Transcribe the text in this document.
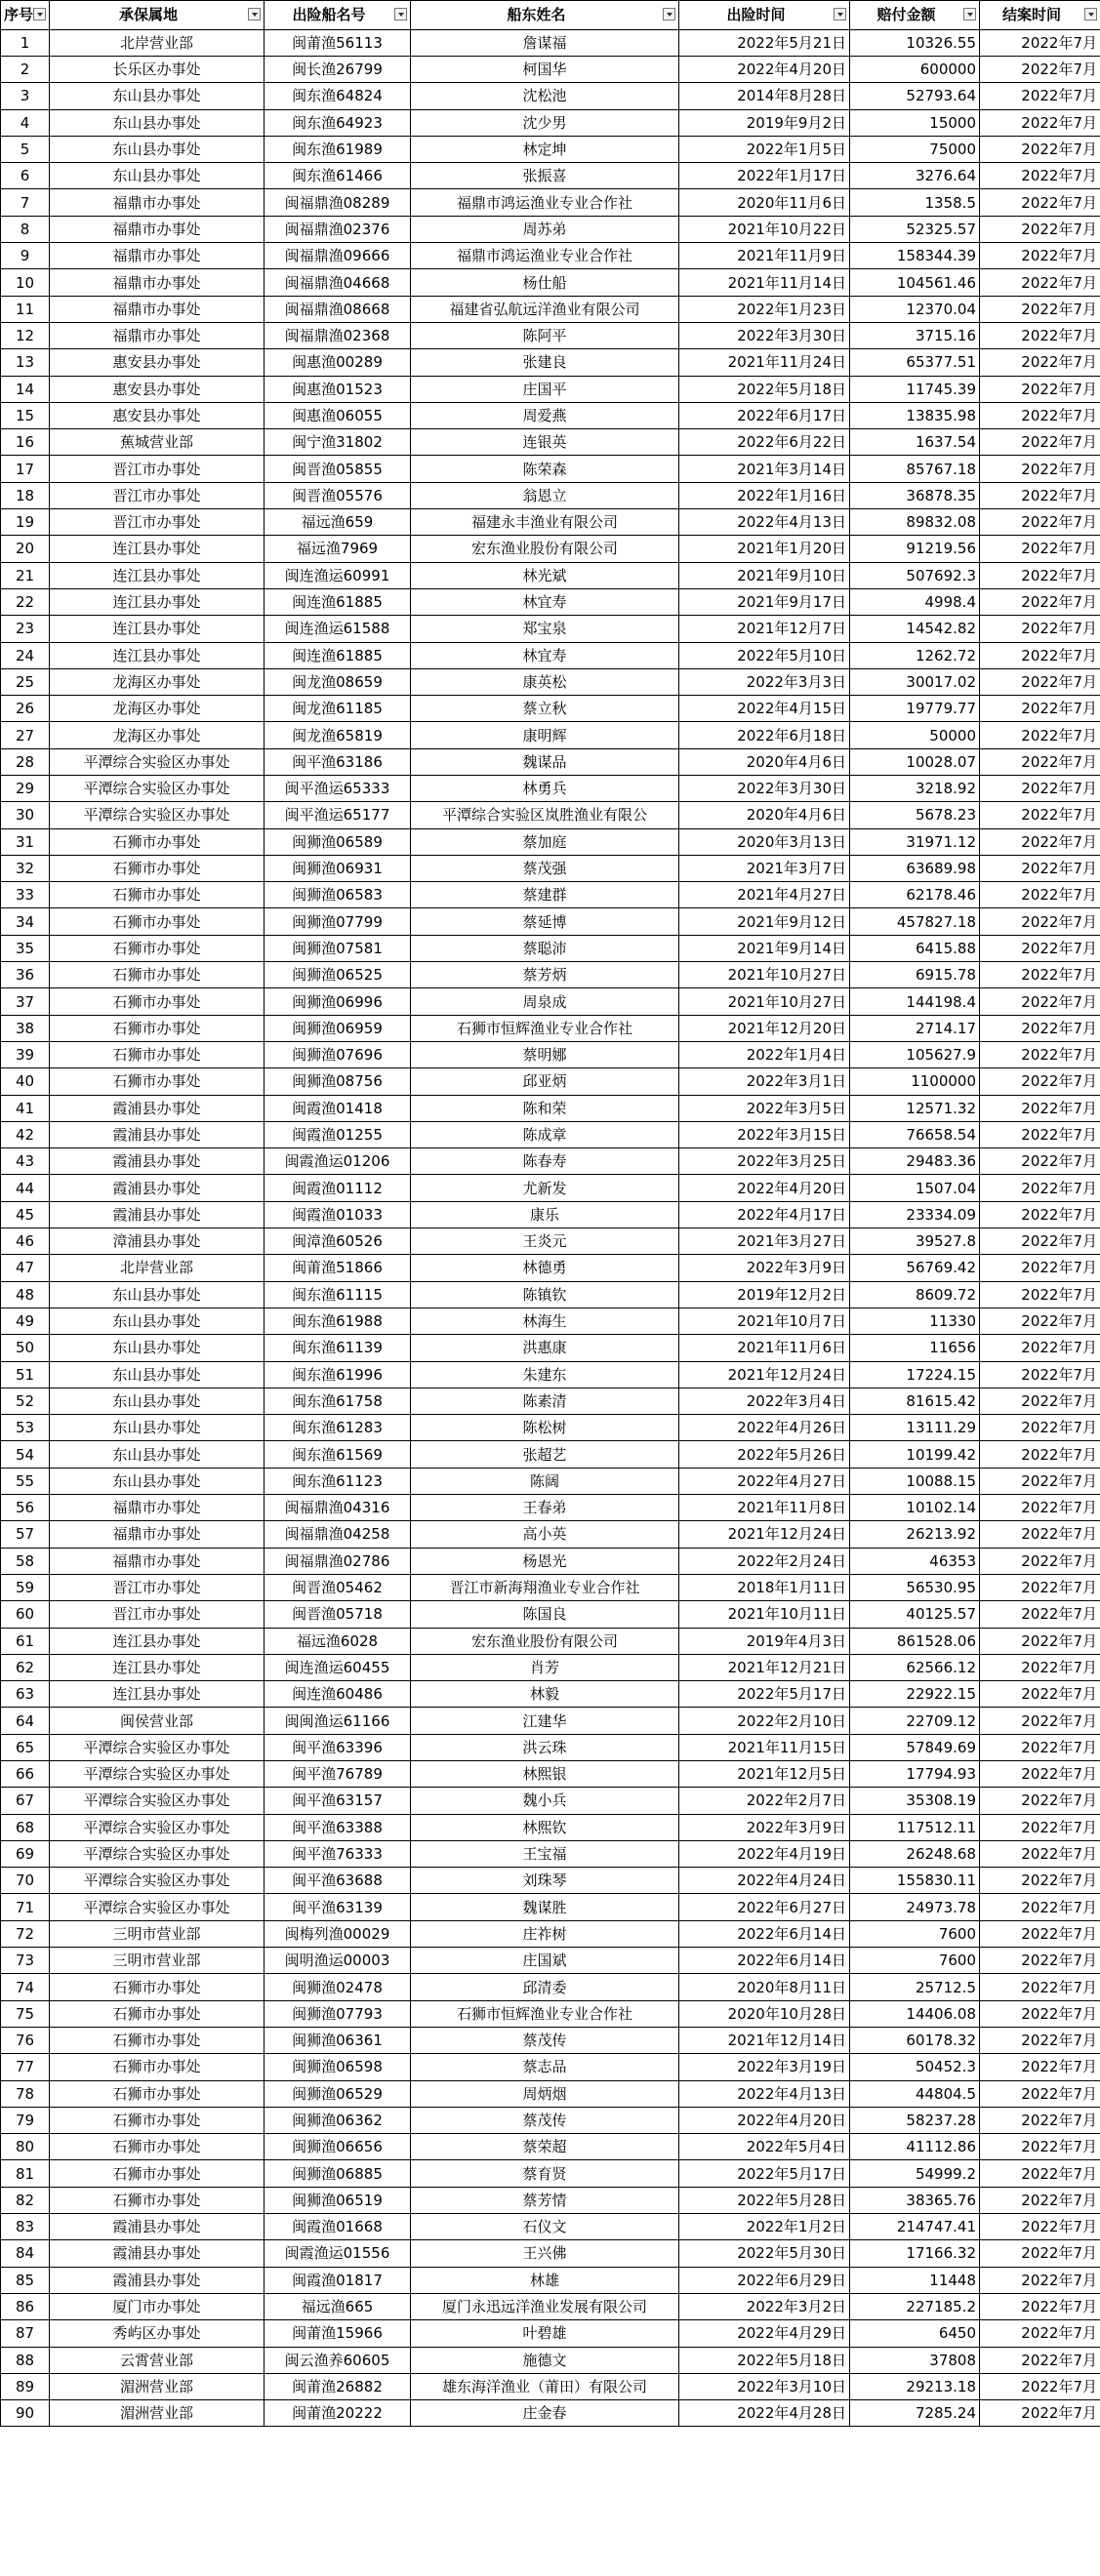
序号	承保属地	出险船名号	船东姓名	出险时间	赔付金额	结案时间

1	北岸营业部	闽莆渔56113	詹谋福	2022年5月21日	10326.55	2022年7月
2	长乐区办事处	闽长渔26799	柯国华	2022年4月20日	600000	2022年7月
3	东山县办事处	闽东渔64824	沈松池	2014年8月28日	52793.64	2022年7月
4	东山县办事处	闽东渔64923	沈少男	2019年9月2日	15000	2022年7月
5	东山县办事处	闽东渔61989	林定坤	2022年1月5日	75000	2022年7月
6	东山县办事处	闽东渔61466	张振喜	2022年1月17日	3276.64	2022年7月
7	福鼎市办事处	闽福鼎渔08289	福鼎市鸿运渔业专业合作社	2020年11月6日	1358.5	2022年7月
8	福鼎市办事处	闽福鼎渔02376	周苏弟	2021年10月22日	52325.57	2022年7月
9	福鼎市办事处	闽福鼎渔09666	福鼎市鸿运渔业专业合作社	2021年11月9日	158344.39	2022年7月
10	福鼎市办事处	闽福鼎渔04668	杨仕船	2021年11月14日	104561.46	2022年7月
11	福鼎市办事处	闽福鼎渔08668	福建省弘航远洋渔业有限公司	2022年1月23日	12370.04	2022年7月
12	福鼎市办事处	闽福鼎渔02368	陈阿平	2022年3月30日	3715.16	2022年7月
13	惠安县办事处	闽惠渔00289	张建良	2021年11月24日	65377.51	2022年7月
14	惠安县办事处	闽惠渔01523	庄国平	2022年5月18日	11745.39	2022年7月
15	惠安县办事处	闽惠渔06055	周爱燕	2022年6月17日	13835.98	2022年7月
16	蕉城营业部	闽宁渔31802	连银英	2022年6月22日	1637.54	2022年7月
17	晋江市办事处	闽晋渔05855	陈荣森	2021年3月14日	85767.18	2022年7月
18	晋江市办事处	闽晋渔05576	翁恩立	2022年1月16日	36878.35	2022年7月
19	晋江市办事处	福远渔659	福建永丰渔业有限公司	2022年4月13日	89832.08	2022年7月
20	连江县办事处	福远渔7969	宏东渔业股份有限公司	2021年1月20日	91219.56	2022年7月
21	连江县办事处	闽连渔运60991	林光斌	2021年9月10日	507692.3	2022年7月
22	连江县办事处	闽连渔61885	林宜寿	2021年9月17日	4998.4	2022年7月
23	连江县办事处	闽连渔运61588	郑宝泉	2021年12月7日	14542.82	2022年7月
24	连江县办事处	闽连渔61885	林宜寿	2022年5月10日	1262.72	2022年7月
25	龙海区办事处	闽龙渔08659	康英松	2022年3月3日	30017.02	2022年7月
26	龙海区办事处	闽龙渔61185	蔡立秋	2022年4月15日	19779.77	2022年7月
27	龙海区办事处	闽龙渔65819	康明辉	2022年6月18日	50000	2022年7月
28	平潭综合实验区办事处	闽平渔63186	魏谋品	2020年4月6日	10028.07	2022年7月
29	平潭综合实验区办事处	闽平渔运65333	林勇兵	2022年3月30日	3218.92	2022年7月
30	平潭综合实验区办事处	闽平渔运65177	平潭综合实验区岚胜渔业有限公	2020年4月6日	5678.23	2022年7月
31	石狮市办事处	闽狮渔06589	蔡加庭	2020年3月13日	31971.12	2022年7月
32	石狮市办事处	闽狮渔06931	蔡茂强	2021年3月7日	63689.98	2022年7月
33	石狮市办事处	闽狮渔06583	蔡建群	2021年4月27日	62178.46	2022年7月
34	石狮市办事处	闽狮渔07799	蔡延博	2021年9月12日	457827.18	2022年7月
35	石狮市办事处	闽狮渔07581	蔡聪沛	2021年9月14日	6415.88	2022年7月
36	石狮市办事处	闽狮渔06525	蔡芳炳	2021年10月27日	6915.78	2022年7月
37	石狮市办事处	闽狮渔06996	周泉成	2021年10月27日	144198.4	2022年7月
38	石狮市办事处	闽狮渔06959	石狮市恒辉渔业专业合作社	2021年12月20日	2714.17	2022年7月
39	石狮市办事处	闽狮渔07696	蔡明娜	2022年1月4日	105627.9	2022年7月
40	石狮市办事处	闽狮渔08756	邱亚炳	2022年3月1日	1100000	2022年7月
41	霞浦县办事处	闽霞渔01418	陈和荣	2022年3月5日	12571.32	2022年7月
42	霞浦县办事处	闽霞渔01255	陈成章	2022年3月15日	76658.54	2022年7月
43	霞浦县办事处	闽霞渔运01206	陈春寿	2022年3月25日	29483.36	2022年7月
44	霞浦县办事处	闽霞渔01112	尤新发	2022年4月20日	1507.04	2022年7月
45	霞浦县办事处	闽霞渔01033	康乐	2022年4月17日	23334.09	2022年7月
46	漳浦县办事处	闽漳渔60526	王炎元	2021年3月27日	39527.8	2022年7月
47	北岸营业部	闽莆渔51866	林德勇	2022年3月9日	56769.42	2022年7月
48	东山县办事处	闽东渔61115	陈镇钦	2019年12月2日	8609.72	2022年7月
49	东山县办事处	闽东渔61988	林海生	2021年10月7日	11330	2022年7月
50	东山县办事处	闽东渔61139	洪惠康	2021年11月6日	11656	2022年7月
51	东山县办事处	闽东渔61996	朱建东	2021年12月24日	17224.15	2022年7月
52	东山县办事处	闽东渔61758	陈素清	2022年3月4日	81615.42	2022年7月
53	东山县办事处	闽东渔61283	陈松树	2022年4月26日	13111.29	2022年7月
54	东山县办事处	闽东渔61569	张超艺	2022年5月26日	10199.42	2022年7月
55	东山县办事处	闽东渔61123	陈阔	2022年4月27日	10088.15	2022年7月
56	福鼎市办事处	闽福鼎渔04316	王春弟	2021年11月8日	10102.14	2022年7月
57	福鼎市办事处	闽福鼎渔04258	高小英	2021年12月24日	26213.92	2022年7月
58	福鼎市办事处	闽福鼎渔02786	杨恩光	2022年2月24日	46353	2022年7月
59	晋江市办事处	闽晋渔05462	晋江市新海翔渔业专业合作社	2018年1月11日	56530.95	2022年7月
60	晋江市办事处	闽晋渔05718	陈国良	2021年10月11日	40125.57	2022年7月
61	连江县办事处	福远渔6028	宏东渔业股份有限公司	2019年4月3日	861528.06	2022年7月
62	连江县办事处	闽连渔运60455	肖芳	2021年12月21日	62566.12	2022年7月
63	连江县办事处	闽连渔60486	林毅	2022年5月17日	22922.15	2022年7月
64	闽侯营业部	闽闽渔运61166	江建华	2022年2月10日	22709.12	2022年7月
65	平潭综合实验区办事处	闽平渔63396	洪云珠	2021年11月15日	57849.69	2022年7月
66	平潭综合实验区办事处	闽平渔76789	林熙银	2021年12月5日	17794.93	2022年7月
67	平潭综合实验区办事处	闽平渔63157	魏小兵	2022年2月7日	35308.19	2022年7月
68	平潭综合实验区办事处	闽平渔63388	林熙钦	2022年3月9日	117512.11	2022年7月
69	平潭综合实验区办事处	闽平渔76333	王宝福	2022年4月19日	26248.68	2022年7月
70	平潭综合实验区办事处	闽平渔63688	刘珠琴	2022年4月24日	155830.11	2022年7月
71	平潭综合实验区办事处	闽平渔63139	魏谋胜	2022年6月27日	24973.78	2022年7月
72	三明市营业部	闽梅列渔00029	庄祚树	2022年6月14日	7600	2022年7月
73	三明市营业部	闽明渔运00003	庄国斌	2022年6月14日	7600	2022年7月
74	石狮市办事处	闽狮渔02478	邱清委	2020年8月11日	25712.5	2022年7月
75	石狮市办事处	闽狮渔07793	石狮市恒辉渔业专业合作社	2020年10月28日	14406.08	2022年7月
76	石狮市办事处	闽狮渔06361	蔡茂传	2021年12月14日	60178.32	2022年7月
77	石狮市办事处	闽狮渔06598	蔡志品	2022年3月19日	50452.3	2022年7月
78	石狮市办事处	闽狮渔06529	周炳烟	2022年4月13日	44804.5	2022年7月
79	石狮市办事处	闽狮渔06362	蔡茂传	2022年4月20日	58237.28	2022年7月
80	石狮市办事处	闽狮渔06656	蔡荣超	2022年5月4日	41112.86	2022年7月
81	石狮市办事处	闽狮渔06885	蔡育贤	2022年5月17日	54999.2	2022年7月
82	石狮市办事处	闽狮渔06519	蔡芳情	2022年5月28日	38365.76	2022年7月
83	霞浦县办事处	闽霞渔01668	石仪文	2022年1月2日	214747.41	2022年7月
84	霞浦县办事处	闽霞渔运01556	王兴佛	2022年5月30日	17166.32	2022年7月
85	霞浦县办事处	闽霞渔01817	林雄	2022年6月29日	11448	2022年7月
86	厦门市办事处	福远渔665	厦门永迅远洋渔业发展有限公司	2022年3月2日	227185.2	2022年7月
87	秀屿区办事处	闽莆渔15966	叶碧雄	2022年4月29日	6450	2022年7月
88	云霄营业部	闽云渔养60605	施德文	2022年5月18日	37808	2022年7月
89	湄洲营业部	闽莆渔26882	雄东海洋渔业（莆田）有限公司	2022年3月10日	29213.18	2022年7月
90	湄洲营业部	闽莆渔20222	庄金春	2022年4月28日	7285.24	2022年7月
